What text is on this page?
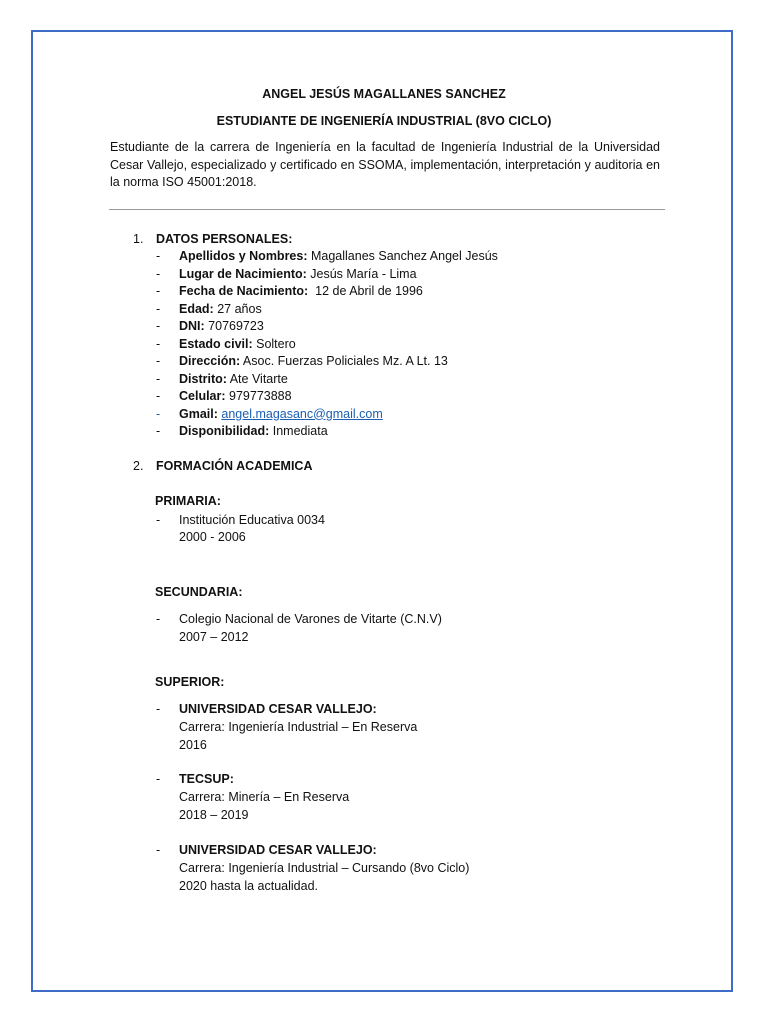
ANGEL JESÚS MAGALLANES SANCHEZ
ESTUDIANTE DE INGENIERÍA INDUSTRIAL (8VO CICLO)
Estudiante de la carrera de Ingeniería en la facultad de Ingeniería Industrial de la Universidad Cesar Vallejo, especializado y certificado en SSOMA, implementación, interpretación y auditoria en la norma ISO 45001:2018.
1. DATOS PERSONALES:
- Apellidos y Nombres: Magallanes Sanchez Angel Jesús
- Lugar de Nacimiento: Jesús María - Lima
- Fecha de Nacimiento:  12 de Abril de 1996
- Edad: 27 años
- DNI: 70769723
- Estado civil: Soltero
- Dirección: Asoc. Fuerzas Policiales Mz. A Lt. 13
- Distrito: Ate Vitarte
- Celular: 979773888
- Gmail: angel.magasanc@gmail.com
- Disponibilidad: Inmediata
2. FORMACIÓN ACADEMICA
PRIMARIA:
- Institución Educativa 0034
2000 - 2006
SECUNDARIA:
- Colegio Nacional de Varones de Vitarte (C.N.V)
2007 – 2012
SUPERIOR:
- UNIVERSIDAD CESAR VALLEJO:
Carrera: Ingeniería Industrial – En Reserva
2016
- TECSUP:
Carrera: Minería – En Reserva
2018 – 2019
- UNIVERSIDAD CESAR VALLEJO:
Carrera: Ingeniería Industrial – Cursando (8vo Ciclo)
2020 hasta la actualidad.
